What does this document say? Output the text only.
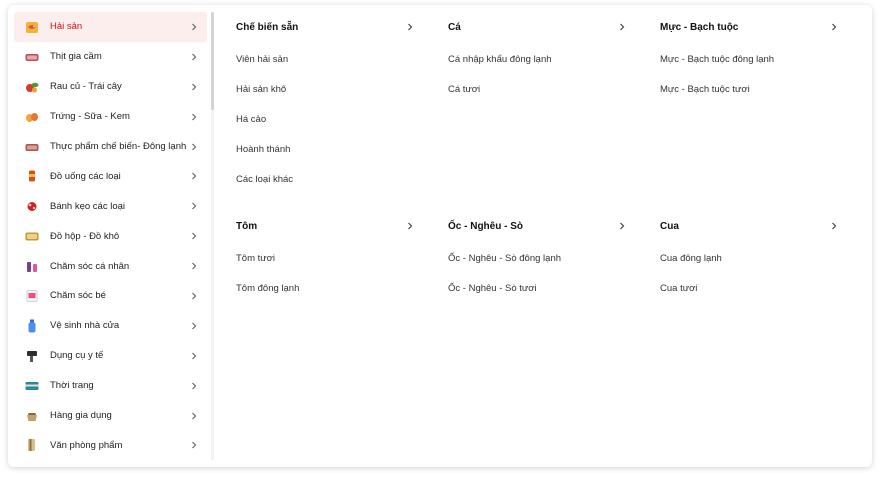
Hải sản
Thịt gia cầm
Rau củ - Trái cây
Trứng - Sữa - Kem
Thực phẩm chế biến- Đông lạnh
Đồ uống các loại
Bánh kẹo các loại
Đồ hộp - Đồ khô
Chăm sóc cá nhân
Chăm sóc bé
Vệ sinh nhà cửa
Dụng cụ y tế
Thời trang
Hàng gia dụng
Văn phòng phẩm
Chế biến sẵn
Viên hải sản
Hải sản khô
Há cảo
Hoành thánh
Các loại khác
Cá
Cá nhập khẩu đông lạnh
Cá tươi
Mực - Bạch tuộc
Mực - Bạch tuộc đông lạnh
Mực - Bạch tuộc tươi
Tôm
Tôm tươi
Tôm đông lạnh
Ốc - Nghêu - Sò
Ốc - Nghêu - Sò đông lạnh
Ốc - Nghêu - Sò tươi
Cua
Cua đông lạnh
Cua tươi
